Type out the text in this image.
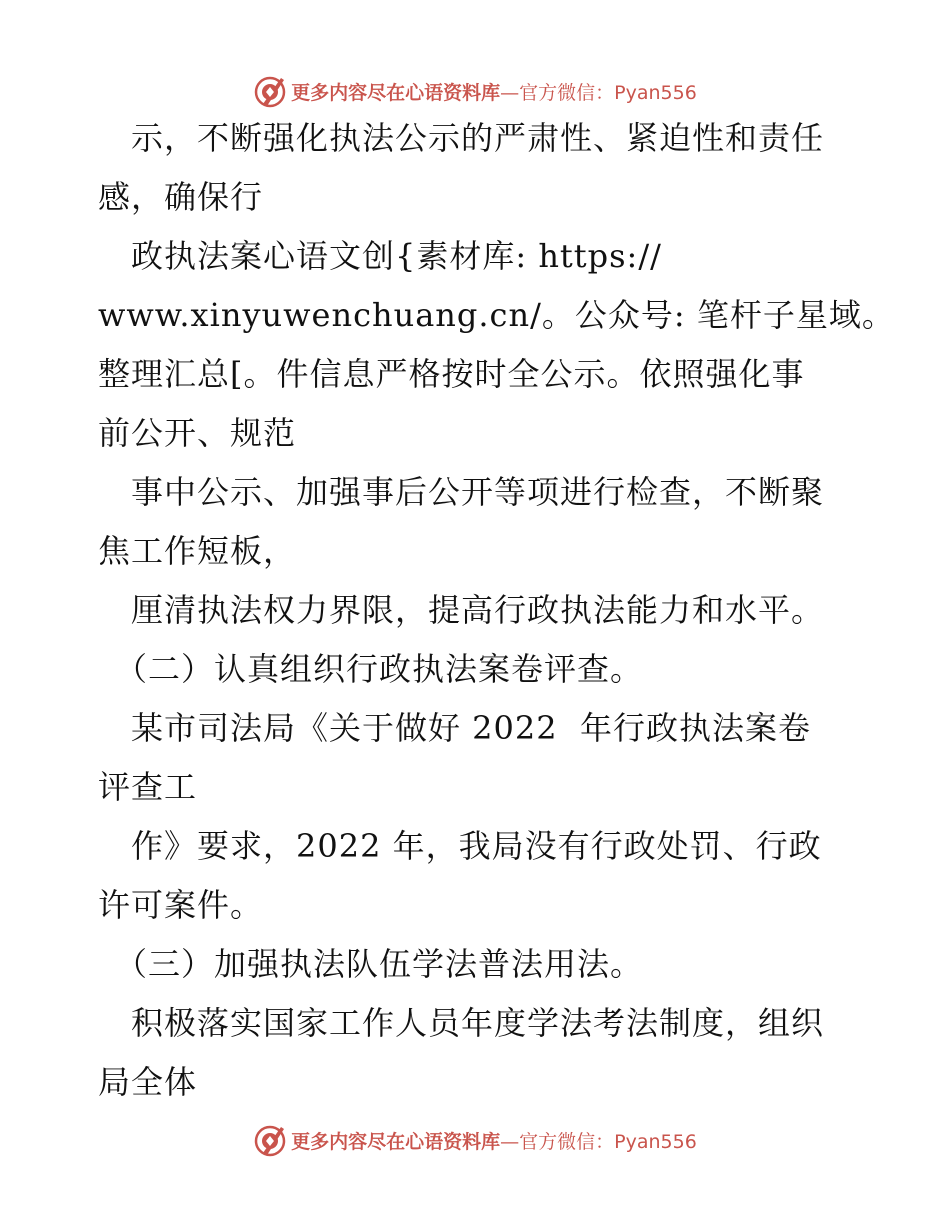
更多内容尽在心语资料库—官方微信：Pyan556
　示，不断强化执法公示的严肃性、紧迫性和责任
感，确保行
　政执法案心语文创{素材库: https://
www.xinyuwenchuang.cn/。公众号: 笔杆子星域。
整理汇总[。件信息严格按时全公示。依照强化事
前公开、规范
　事中公示、加强事后公开等项进行检查，不断聚
焦工作短板，
　厘清执法权力界限，提高行政执法能力和水平。
　（二）认真组织行政执法案卷评查。
　某市司法局《关于做好 2022  年行政执法案卷
评查工
　作》要求，2022 年，我局没有行政处罚、行政
许可案件。
　（三）加强执法队伍学法普法用法。
　积极落实国家工作人员年度学法考法制度，组织
局全体
更多内容尽在心语资料库—官方微信：Pyan556
